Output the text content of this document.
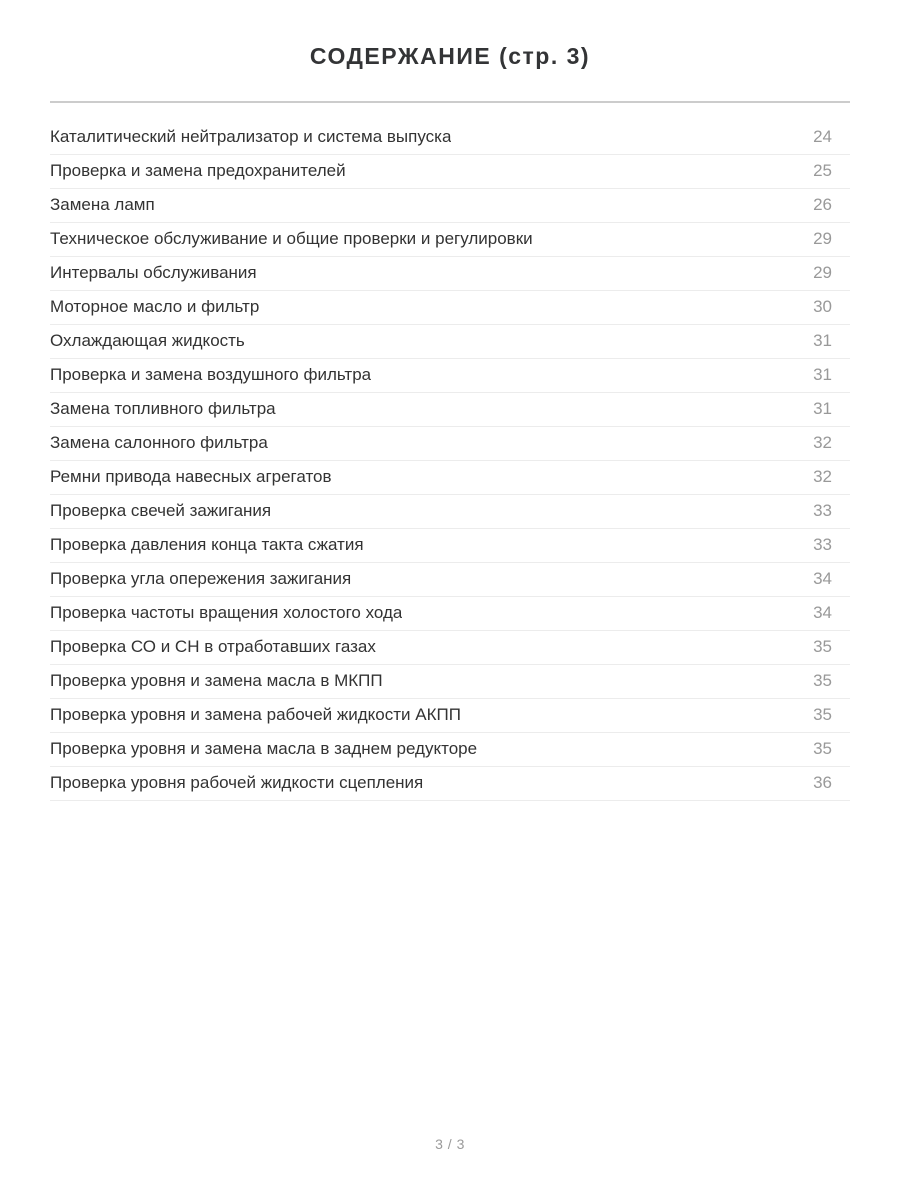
СОДЕРЖАНИЕ (стр. 3)
Каталитический нейтрализатор и система выпуска	24
Проверка и замена предохранителей	25
Замена ламп	26
Техническое обслуживание и общие проверки и регулировки	29
Интервалы обслуживания	29
Моторное масло и фильтр	30
Охлаждающая жидкость	31
Проверка и замена воздушного фильтра	31
Замена топливного фильтра	31
Замена салонного фильтра	32
Ремни привода навесных агрегатов	32
Проверка свечей зажигания	33
Проверка давления конца такта сжатия	33
Проверка угла опережения зажигания	34
Проверка частоты вращения холостого хода	34
Проверка СО и СН в отработавших газах	35
Проверка уровня и замена масла в МКПП	35
Проверка уровня и замена рабочей жидкости АКПП	35
Проверка уровня и замена масла в заднем редукторе	35
Проверка уровня рабочей жидкости сцепления	36
3 / 3
